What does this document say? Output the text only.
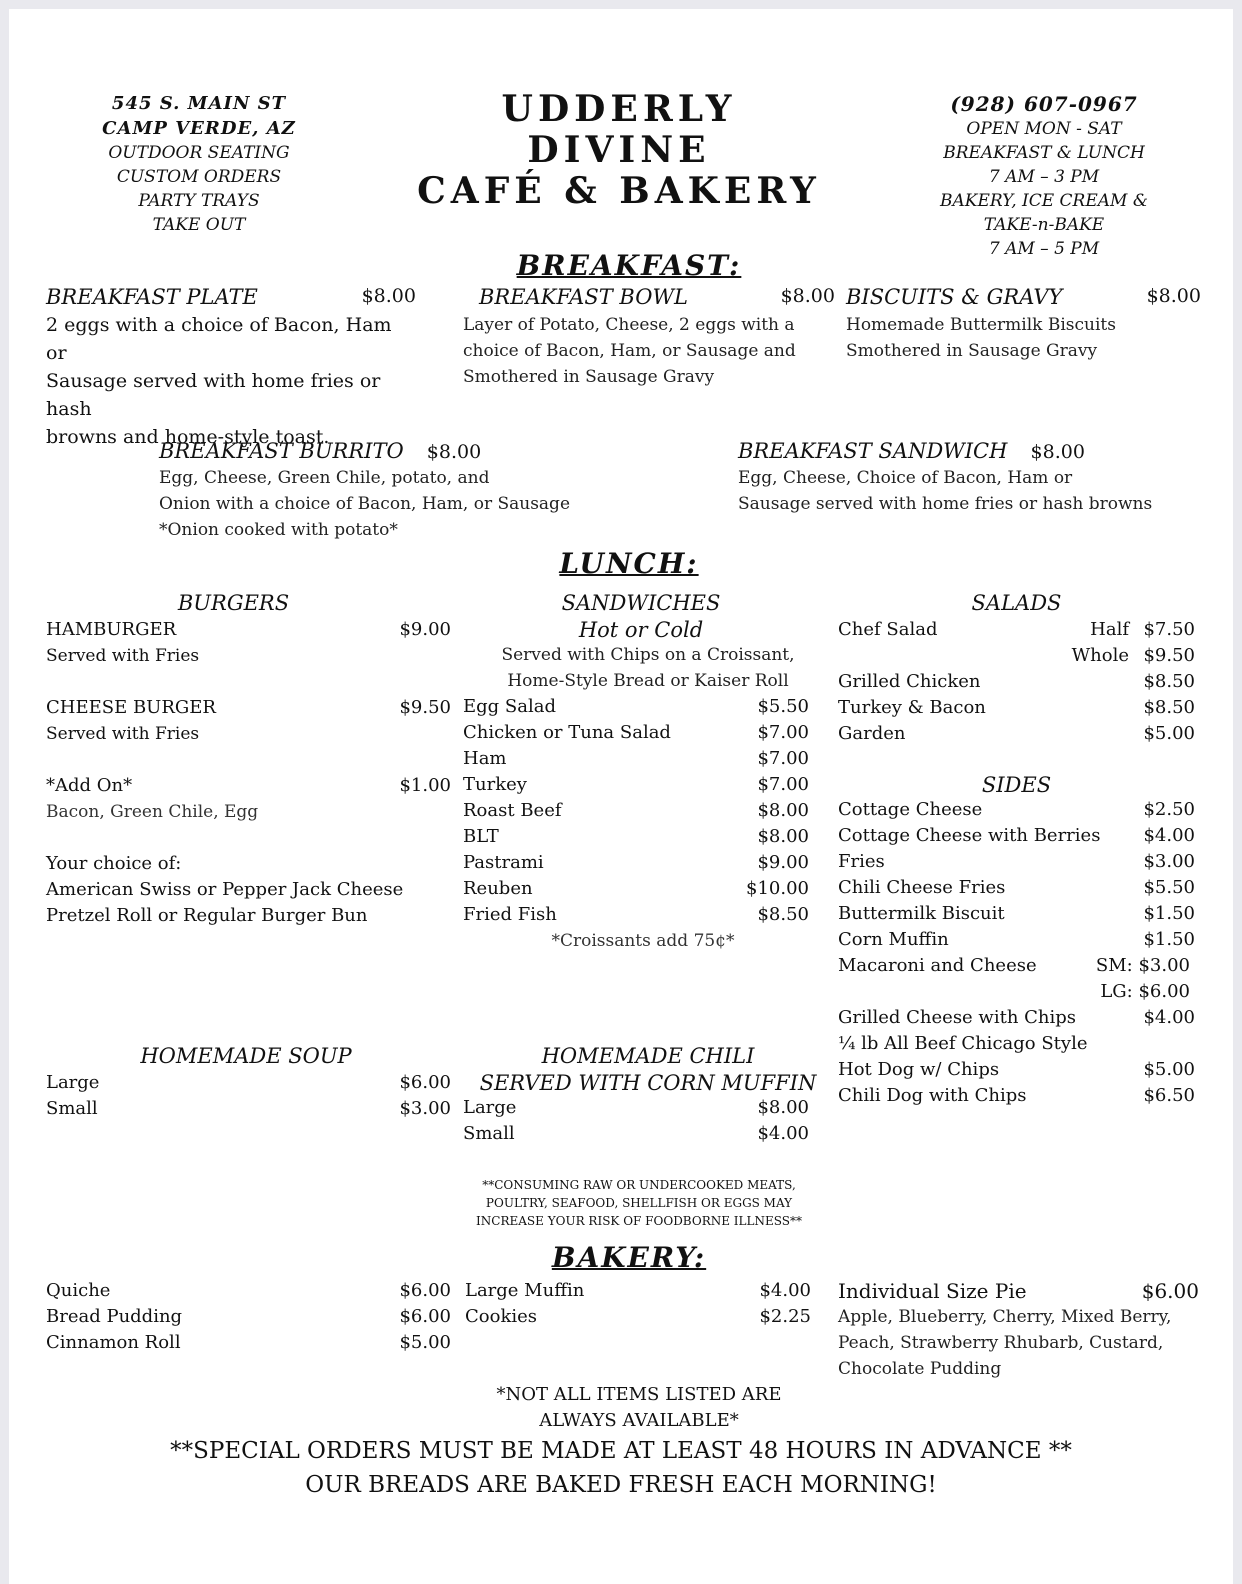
545 S. MAIN ST
CAMP VERDE, AZ
OUTDOOR SEATING
CUSTOM ORDERS
PARTY TRAYS
TAKE OUT
UDDERLY
DIVINE
CAFÉ & BAKERY
(928) 607-0967
OPEN MON - SAT
BREAKFAST & LUNCH
7 AM – 3 PM
BAKERY, ICE CREAM &
TAKE-n-BAKE
7 AM – 5 PM
BREAKFAST:
BREAKFAST PLATE	$8.00
2 eggs with a choice of Bacon, Ham or
Sausage served with home fries or hash
browns and home-style toast.
BREAKFAST BOWL	$8.00
Layer of Potato, Cheese, 2 eggs with a
choice of Bacon, Ham, or Sausage and
Smothered in Sausage Gravy
BISCUITS & GRAVY	$8.00
Homemade Buttermilk Biscuits
Smothered in Sausage Gravy
BREAKFAST BURRITO $8.00
Egg, Cheese, Green Chile, potato, and
Onion with a choice of Bacon, Ham, or Sausage
*Onion cooked with potato*
BREAKFAST SANDWICH $8.00
Egg, Cheese, Choice of Bacon, Ham or
Sausage served with home fries or hash browns
LUNCH:
BURGERS
HAMBURGER	$9.00
Served with Fries
CHEESE BURGER	$9.50
Served with Fries
*Add On*	$1.00
Bacon, Green Chile, Egg
Your choice of:
American Swiss or Pepper Jack Cheese
Pretzel Roll or Regular Burger Bun
SANDWICHES
Hot or Cold
Served with Chips on a Croissant,
Home-Style Bread or Kaiser Roll
Egg Salad	$5.50
Chicken or Tuna Salad	$7.00
Ham	$7.00
Turkey	$7.00
Roast Beef	$8.00
BLT	$8.00
Pastrami	$9.00
Reuben	$10.00
Fried Fish	$8.50
*Croissants add 75¢*
SALADS
Chef Salad	Half $7.50
Whole $9.50
Grilled Chicken	$8.50
Turkey & Bacon	$8.50
Garden	$5.00
SIDES
Cottage Cheese	$2.50
Cottage Cheese with Berries $4.00
Fries	$3.00
Chili Cheese Fries	$5.50
Buttermilk Biscuit	$1.50
Corn Muffin	$1.50
Macaroni and Cheese	SM: $3.00
LG: $6.00
Grilled Cheese with Chips	$4.00
¼ lb All Beef Chicago Style
Hot Dog w/ Chips	$5.00
Chili Dog with Chips	$6.50
HOMEMADE SOUP
Large	$6.00
Small	$3.00
HOMEMADE CHILI
SERVED WITH CORN MUFFIN
Large	$8.00
Small	$4.00
**CONSUMING RAW OR UNDERCOOKED MEATS,
POULTRY, SEAFOOD, SHELLFISH OR EGGS MAY
INCREASE YOUR RISK OF FOODBORNE ILLNESS**
BAKERY:
Quiche	$6.00
Bread Pudding	$6.00
Cinnamon Roll	$5.00
Large Muffin	$4.00
Cookies	$2.25
Individual Size Pie	$6.00
Apple, Blueberry, Cherry, Mixed Berry,
Peach, Strawberry Rhubarb, Custard,
Chocolate Pudding
*NOT ALL ITEMS LISTED ARE
ALWAYS AVAILABLE*
**SPECIAL ORDERS MUST BE MADE AT LEAST 48 HOURS IN ADVANCE **
OUR BREADS ARE BAKED FRESH EACH MORNING!
